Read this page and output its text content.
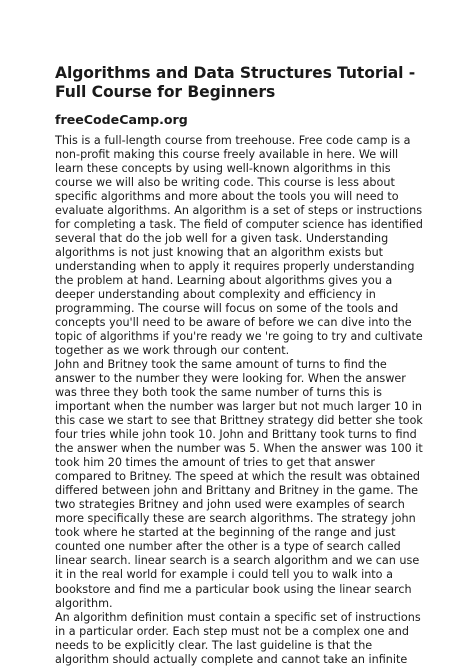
Algorithms and Data Structures Tutorial -
Full Course for Beginners
freeCodeCamp.org
This is a full-length course from treehouse. Free code camp is a
non-profit making this course freely available in here. We will
learn these concepts by using well-known algorithms in this
course we will also be writing code. This course is less about
specific algorithms and more about the tools you will need to
evaluate algorithms. An algorithm is a set of steps or instructions
for completing a task. The field of computer science has identified
several that do the job well for a given task. Understanding
algorithms is not just knowing that an algorithm exists but
understanding when to apply it requires properly understanding
the problem at hand. Learning about algorithms gives you a
deeper understanding about complexity and efficiency in
programming. The course will focus on some of the tools and
concepts you'll need to be aware of before we can dive into the
topic of algorithms if you're ready we 're going to try and cultivate
together as we work through our content.
John and Britney took the same amount of turns to find the
answer to the number they were looking for. When the answer
was three they both took the same number of turns this is
important when the number was larger but not much larger 10 in
this case we start to see that Brittney strategy did better she took
four tries while john took 10. John and Brittany took turns to find
the answer when the number was 5. When the answer was 100 it
took him 20 times the amount of tries to get that answer
compared to Britney. The speed at which the result was obtained
differed between john and Brittany and Britney in the game. The
two strategies Britney and john used were examples of search
more specifically these are search algorithms. The strategy john
took where he started at the beginning of the range and just
counted one number after the other is a type of search called
linear search. linear search is a search algorithm and we can use
it in the real world for example i could tell you to walk into a
bookstore and find me a particular book using the linear search
algorithm.
An algorithm definition must contain a specific set of instructions
in a particular order. Each step must not be a complex one and
needs to be explicitly clear. The last guideline is that the
algorithm should actually complete and cannot take an infinite
